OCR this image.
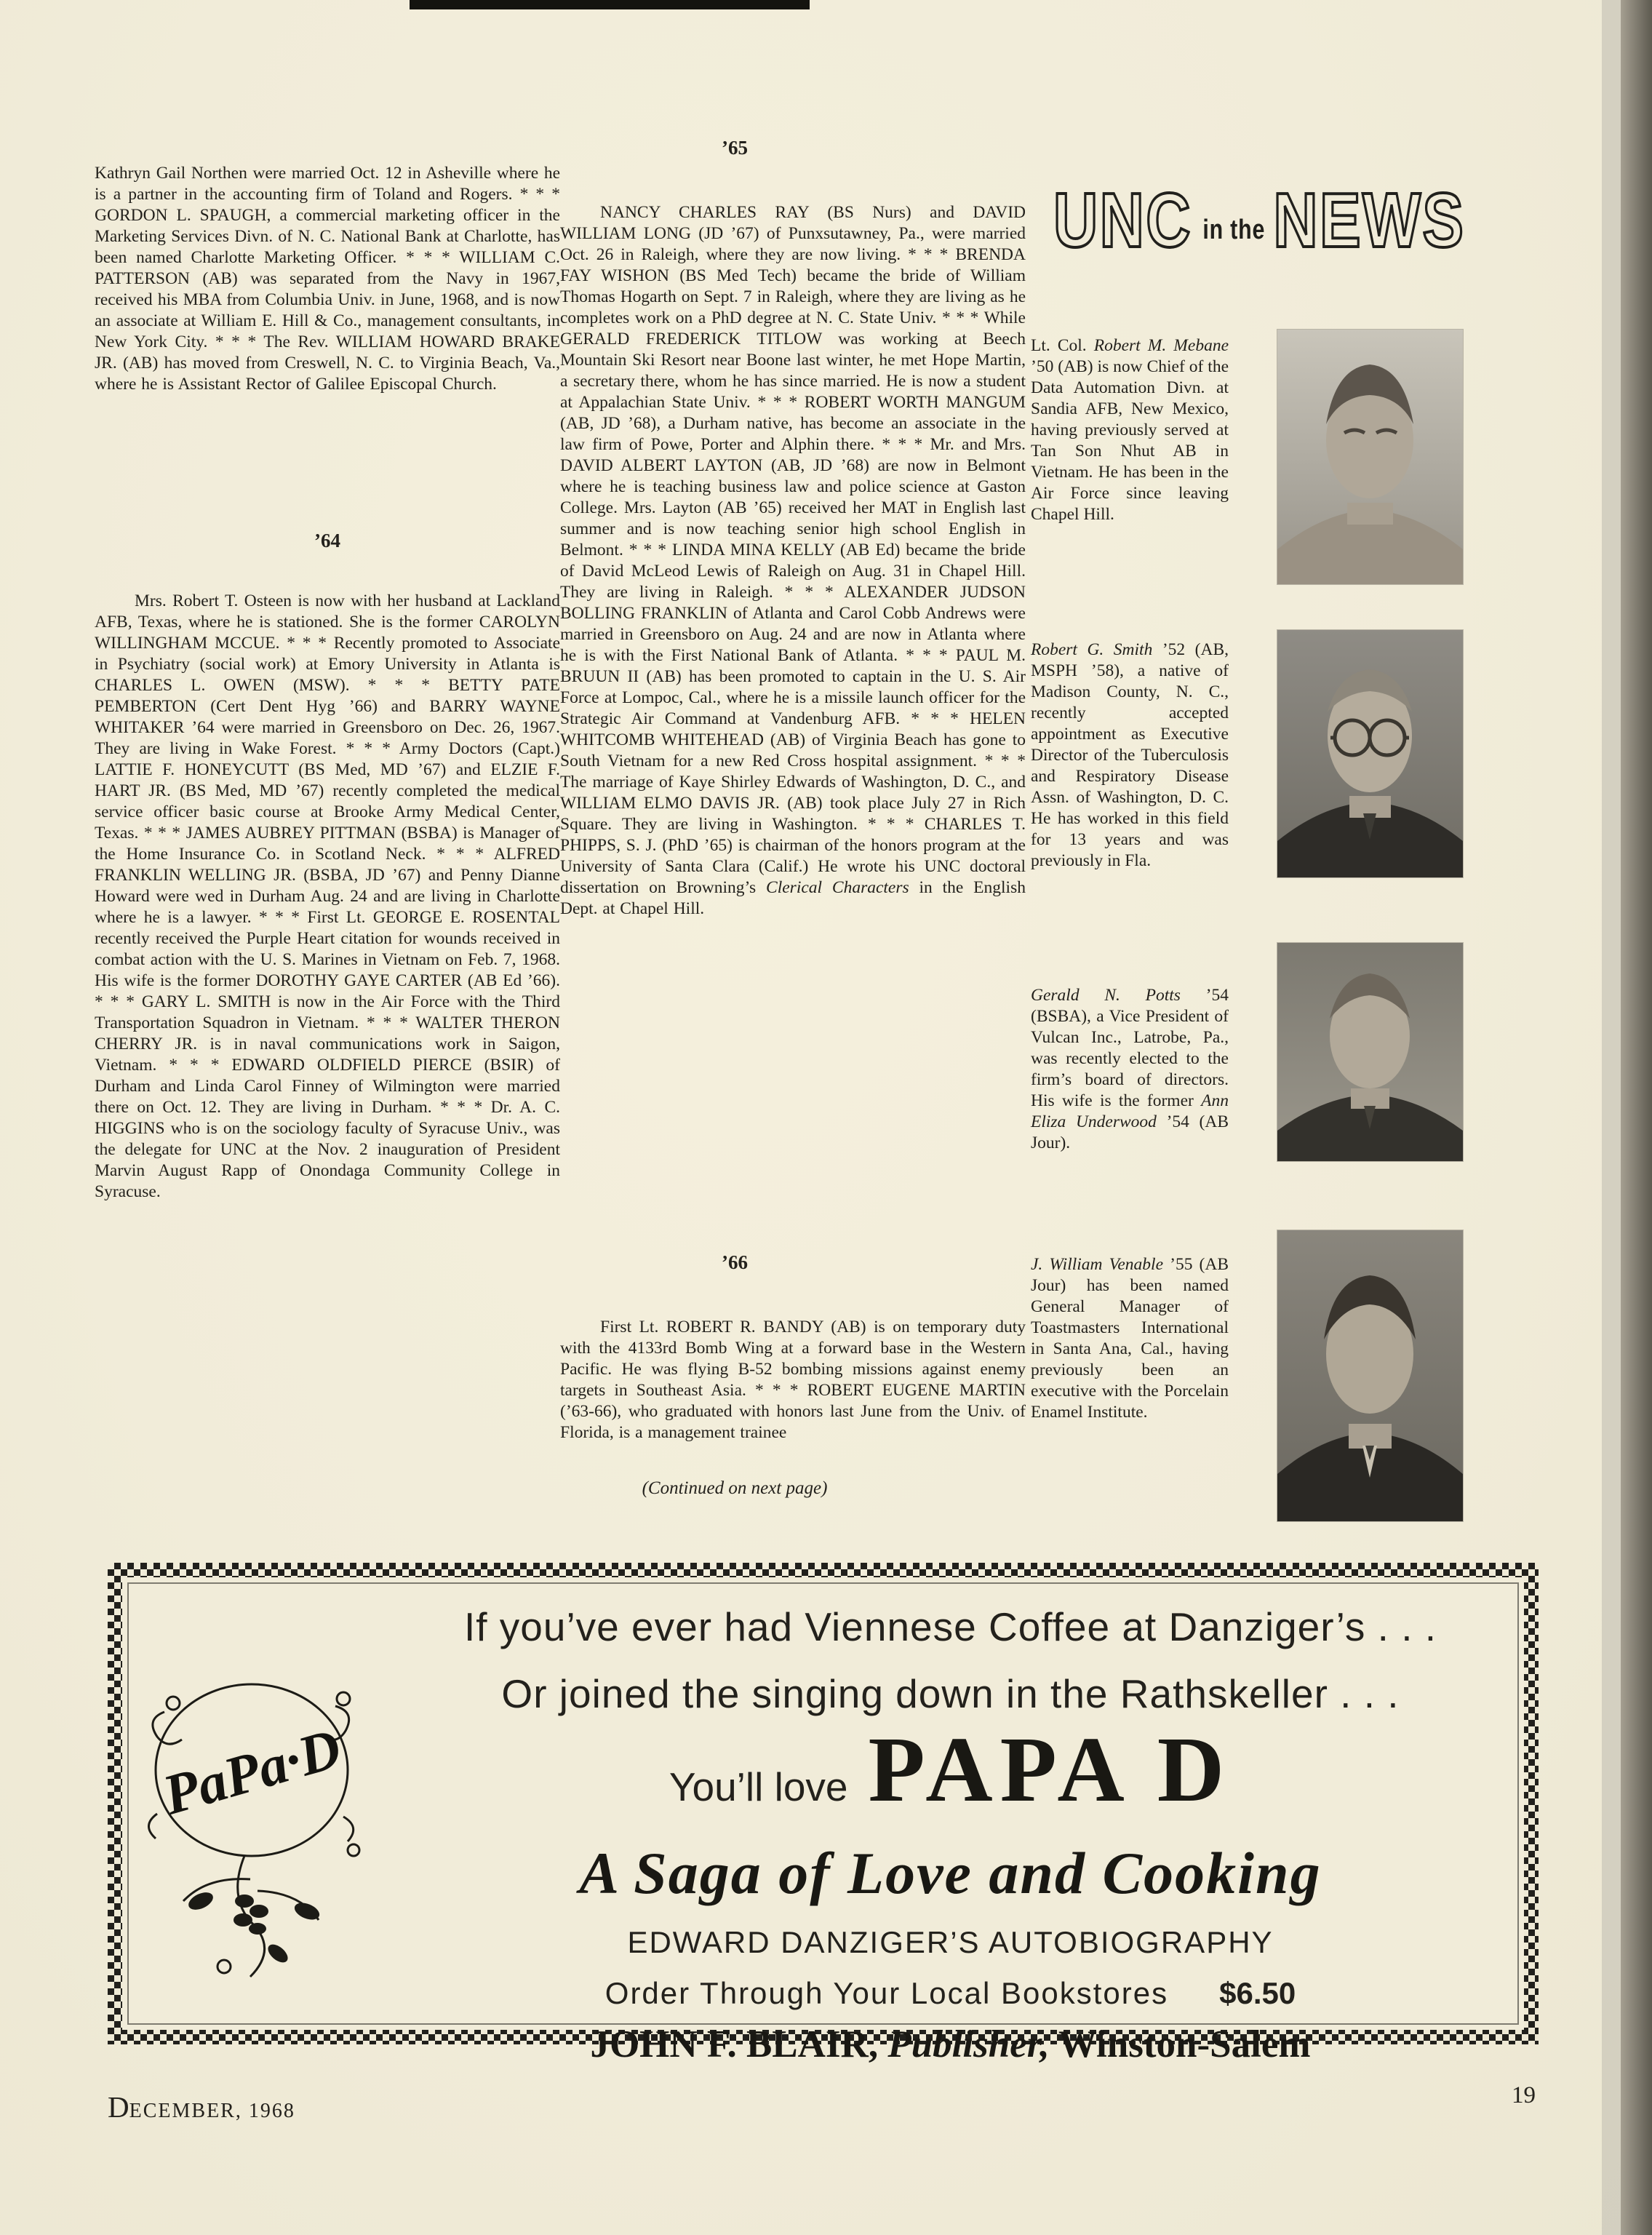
Kathryn Gail Northen were married Oct. 12 in Asheville where he is a partner in the accounting firm of Toland and Rogers. * * * GORDON L. SPAUGH, a commercial marketing officer in the Marketing Services Divn. of N. C. National Bank at Charlotte, has been named Charlotte Marketing Officer. * * * WILLIAM C. PATTERSON (AB) was separated from the Navy in 1967, received his MBA from Columbia Univ. in June, 1968, and is now an associate at William E. Hill & Co., management consultants, in New York City. * * * The Rev. WILLIAM HOWARD BRAKE JR. (AB) has moved from Creswell, N. C. to Virginia Beach, Va., where he is Assistant Rector of Galilee Episcopal Church.

’64

Mrs. Robert T. Osteen is now with her husband at Lackland AFB, Texas, where he is stationed. She is the former CAROLYN WILLINGHAM MCCUE. * * * Recently promoted to Associate in Psychiatry (social work) at Emory University in Atlanta is CHARLES L. OWEN (MSW). * * * BETTY PATE PEMBERTON (Cert Dent Hyg ’66) and BARRY WAYNE WHITAKER ’64 were married in Greensboro on Dec. 26, 1967. They are living in Wake Forest. * * * Army Doctors (Capt.) LATTIE F. HONEYCUTT (BS Med, MD ’67) and ELZIE F. HART JR. (BS Med, MD ’67) recently completed the medical service officer basic course at Brooke Army Medical Center, Texas. * * * JAMES AUBREY PITTMAN (BSBA) is Manager of the Home Insurance Co. in Scotland Neck. * * * ALFRED FRANKLIN WELLING JR. (BSBA, JD ’67) and Penny Dianne Howard were wed in Durham Aug. 24 and are living in Charlotte where he is a lawyer. * * * First Lt. GEORGE E. ROSENTAL recently received the Purple Heart citation for wounds received in combat action with the U. S. Marines in Vietnam on Feb. 7, 1968. His wife is the former DOROTHY GAYE CARTER (AB Ed ’66). * * * GARY L. SMITH is now in the Air Force with the Third Transportation Squadron in Vietnam. * * * WALTER THERON CHERRY JR. is in naval communications work in Saigon, Vietnam. * * * EDWARD OLDFIELD PIERCE (BSIR) of Durham and Linda Carol Finney of Wilmington were married there on Oct. 12. They are living in Durham. * * * Dr. A. C. HIGGINS who is on the sociology faculty of Syracuse Univ., was the delegate for UNC at the Nov. 2 inauguration of President Marvin August Rapp of Onondaga Community College in Syracuse.

’65

NANCY CHARLES RAY (BS Nurs) and DAVID WILLIAM LONG (JD ’67) of Punxsutawney, Pa., were married Oct. 26 in Raleigh, where they are now living. * * * BRENDA FAY WISHON (BS Med Tech) became the bride of William Thomas Hogarth on Sept. 7 in Raleigh, where they are living as he completes work on a PhD degree at N. C. State Univ. * * * While GERALD FREDERICK TITLOW was working at Beech Mountain Ski Resort near Boone last winter, he met Hope Martin, a secretary there, whom he has since married. He is now a student at Appalachian State Univ. * * * ROBERT WORTH MANGUM (AB, JD ’68), a Durham native, has become an associate in the law firm of Powe, Porter and Alphin there. * * * Mr. and Mrs. DAVID ALBERT LAYTON (AB, JD ’68) are now in Belmont where he is teaching business law and police science at Gaston College. Mrs. Layton (AB ’65) received her MAT in English last summer and is now teaching senior high school English in Belmont. * * * LINDA MINA KELLY (AB Ed) became the bride of David McLeod Lewis of Raleigh on Aug. 31 in Chapel Hill. They are living in Raleigh. * * * ALEXANDER JUDSON BOLLING FRANKLIN of Atlanta and Carol Cobb Andrews were married in Greensboro on Aug. 24 and are now in Atlanta where he is with the First National Bank of Atlanta. * * * PAUL M. BRUUN II (AB) has been promoted to captain in the U. S. Air Force at Lompoc, Cal., where he is a missile launch officer for the Strategic Air Command at Vandenburg AFB. * * * HELEN WHITCOMB WHITEHEAD (AB) of Virginia Beach has gone to South Vietnam for a new Red Cross hospital assignment. * * * The marriage of Kaye Shirley Edwards of Washington, D. C., and WILLIAM ELMO DAVIS JR. (AB) took place July 27 in Rich Square. They are living in Washington. * * * CHARLES T. PHIPPS, S. J. (PhD ’65) is chairman of the honors program at the University of Santa Clara (Calif.) He wrote his UNC doctoral dissertation on Browning’s Clerical Characters in the English Dept. at Chapel Hill.

’66

First Lt. ROBERT R. BANDY (AB) is on temporary duty with the 4133rd Bomb Wing at a forward base in the Western Pacific. He was flying B-52 bombing missions against enemy targets in Southeast Asia. * * * ROBERT EUGENE MARTIN (’63-66), who graduated with honors last June from the Univ. of Florida, is a management trainee

(Continued on next page)
UNC in the NEWS

Lt. Col. Robert M. Mebane ’50 (AB) is now Chief of the Data Automation Divn. at Sandia AFB, New Mexico, having previously served at Tan Son Nhut AB in Vietnam. He has been in the Air Force since leaving Chapel Hill.

Robert G. Smith ’52 (AB, MSPH ’58), a native of Madison County, N. C., recently accepted appointment as Executive Director of the Tuberculosis and Respiratory Disease Assn. of Washington, D. C. He has worked in this field for 13 years and was previously in Fla.

Gerald N. Potts ’54 (BSBA), a Vice President of Vulcan Inc., Latrobe, Pa., was recently elected to the firm’s board of directors. His wife is the former Ann Eliza Underwood ’54 (AB Jour).

J. William Venable ’55 (AB Jour) has been named General Manager of Toastmasters International in Santa Ana, Cal., having previously been an executive with the Porcelain Enamel Institute.

PaPa·D
If you’ve ever had Viennese Coffee at Danziger’s . . .
Or joined the singing down in the Rathskeller . . .
You’ll love PAPA D
A Saga of Love and Cooking
EDWARD DANZIGER’S AUTOBIOGRAPHY
Order Through Your Local Bookstores $6.50
JOHN F. BLAIR, Publisher, Winston-Salem
DECEMBER, 1968
19
